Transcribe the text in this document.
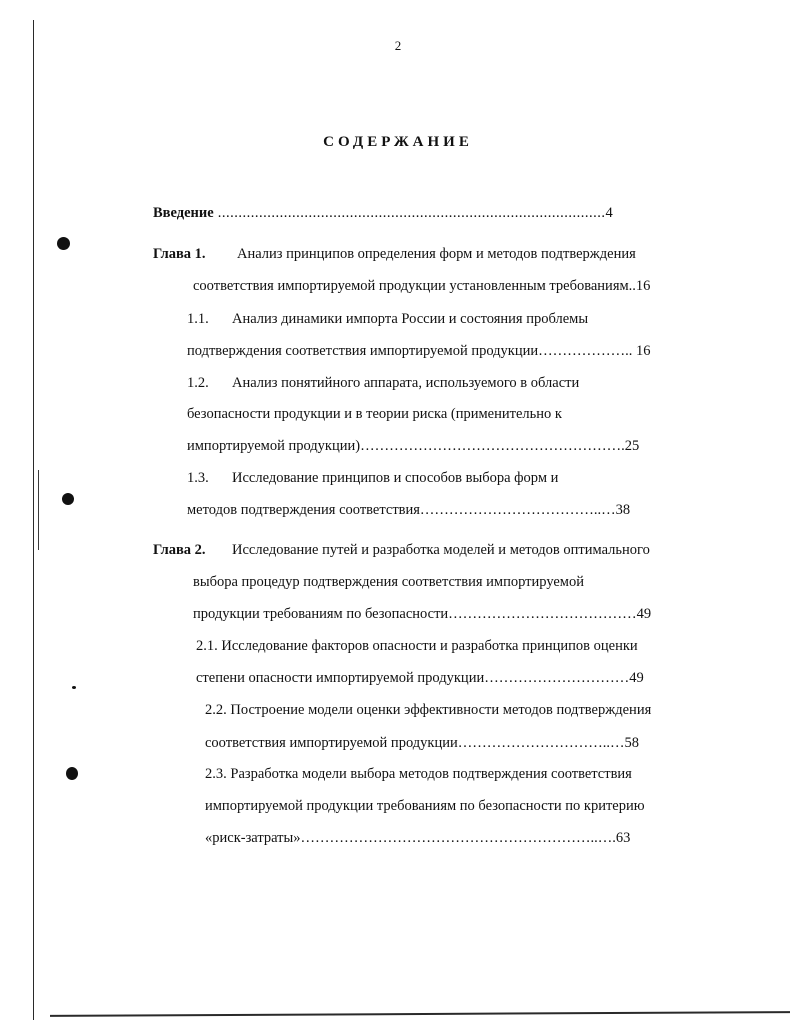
2
СОДЕРЖАНИЕ
Введение ..............................................................................................4
Глава 1. Анализ принципов определения форм и методов подтверждения
соответствия импортируемой продукции установленным требованиям..16
1.1. Анализ динамики импорта России и состояния проблемы
подтверждения соответствия импортируемой продукции……………….. 16
1.2. Анализ понятийного аппарата, используемого в области
безопасности продукции и в теории риска (применительно к
импортируемой продукции)……………………………………………….25
1.3. Исследование принципов и способов выбора форм и
методов подтверждения соответствия………………………………..…38
Глава 2. Исследование путей и разработка моделей и методов оптимального
выбора процедур подтверждения соответствия импортируемой
продукции требованиям по безопасности…………………………………49
2.1. Исследование факторов опасности и разработка принципов оценки
степени опасности импортируемой продукции…………………………49
2.2. Построение модели оценки эффективности методов подтверждения
соответствия импортируемой продукции…………………………..…58
2.3. Разработка модели выбора методов подтверждения соответствия
импортируемой продукции требованиям по безопасности по критерию
«риск-затраты»……………………………………………………..….63
